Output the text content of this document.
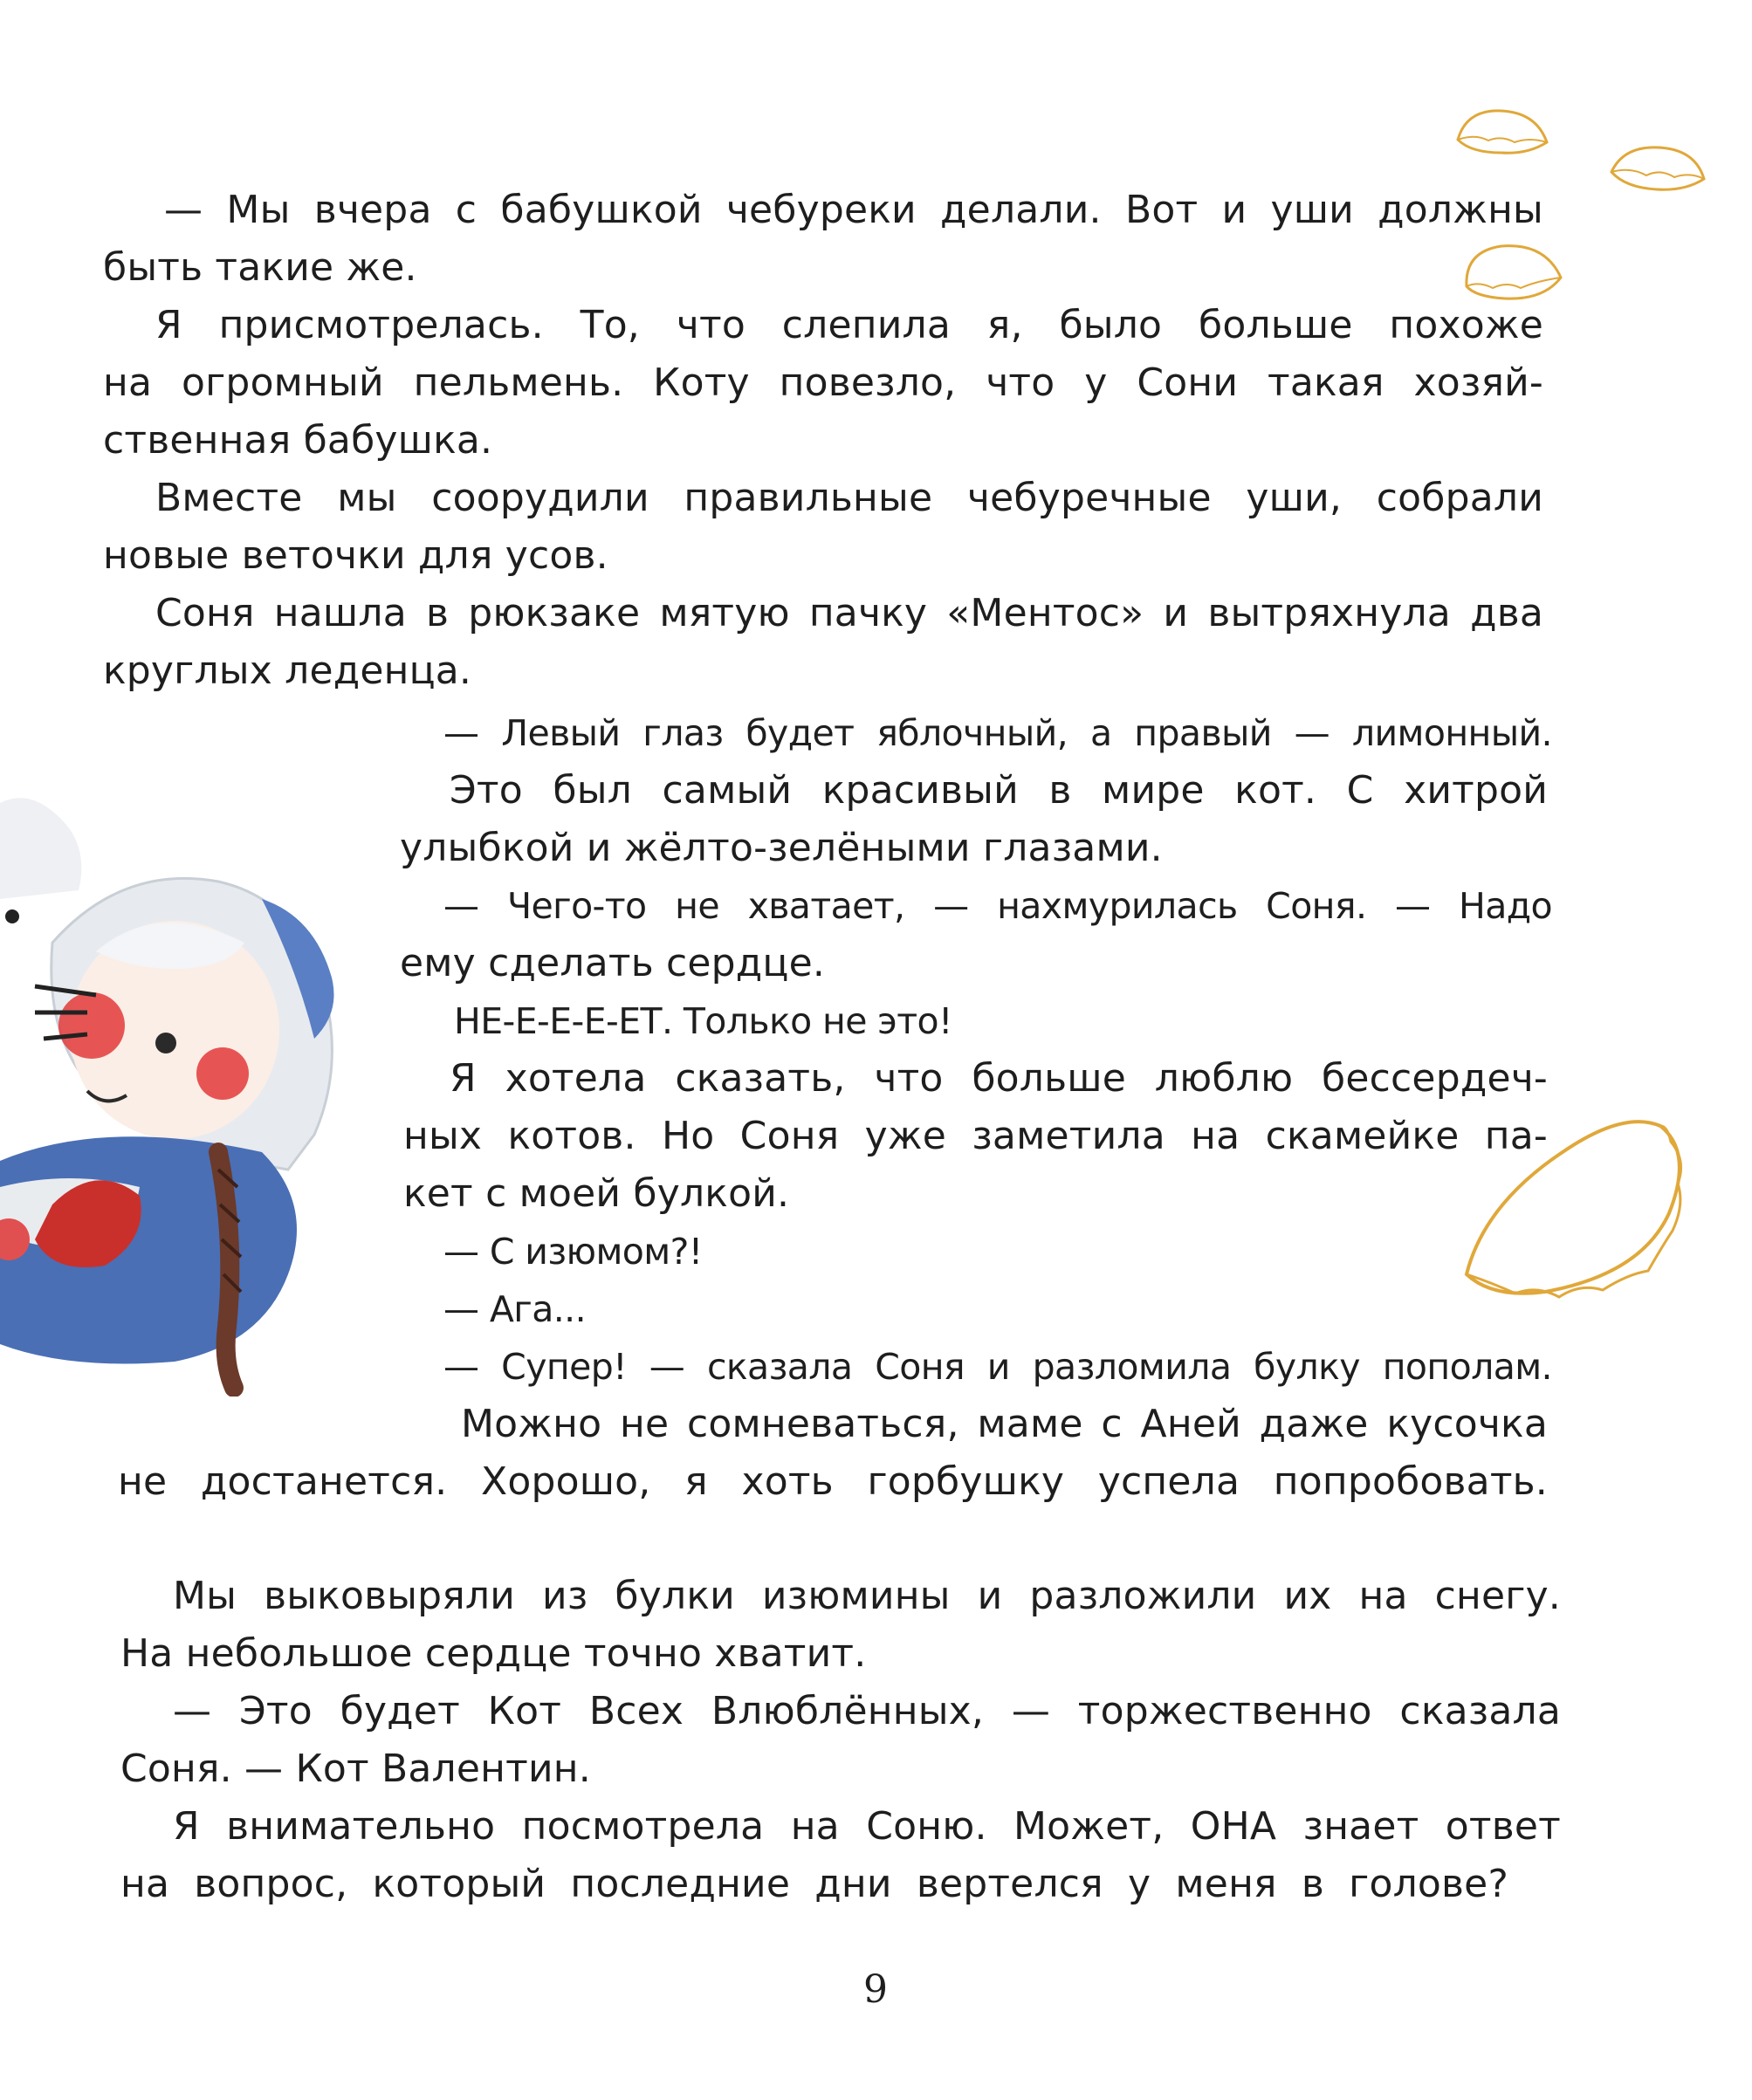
— Мы вчера с бабушкой чебуреки делали. Вот и уши должны

быть такие же.

Я присмотрелась. То, что слепила я, было больше похоже

на огромный пельмень. Коту повезло, что у Сони такая хозяй-

ственная бабушка.

Вместе мы соорудили правильные чебуречные уши, собрали

новые веточки для усов.

Соня нашла в рюкзаке мятую пачку «Ментос» и вытряхнула два

круглых леденца.

— Левый глаз будет яблочный, а правый — лимонный.

Это был самый красивый в мире кот. С хитрой

улыбкой и жёлто-зелёными глазами.

— Чего-то не хватает, — нахмурилась Соня. — Надо

ему сделать сердце.

НЕ-Е-Е-Е-ЕТ. Только не это!

Я хотела сказать, что больше люблю бессердеч-

ных котов. Но Соня уже заметила на скамейке па-

кет с моей булкой.

— С изюмом?!

— Ага...

— Супер! — сказала Соня и разломила булку пополам.

Можно не сомневаться, маме с Аней даже кусочка

не достанется. Хорошо, я хоть горбушку успела попробовать.

Мы выковыряли из булки изюмины и разложили их на снегу.

На небольшое сердце точно хватит.

— Это будет Кот Всех Влюблённых, — торжественно сказала

Соня. — Кот Валентин.

Я внимательно посмотрела на Соню. Может, ОНА знает ответ

на вопрос, который последние дни вертелся у меня в голове?

9
